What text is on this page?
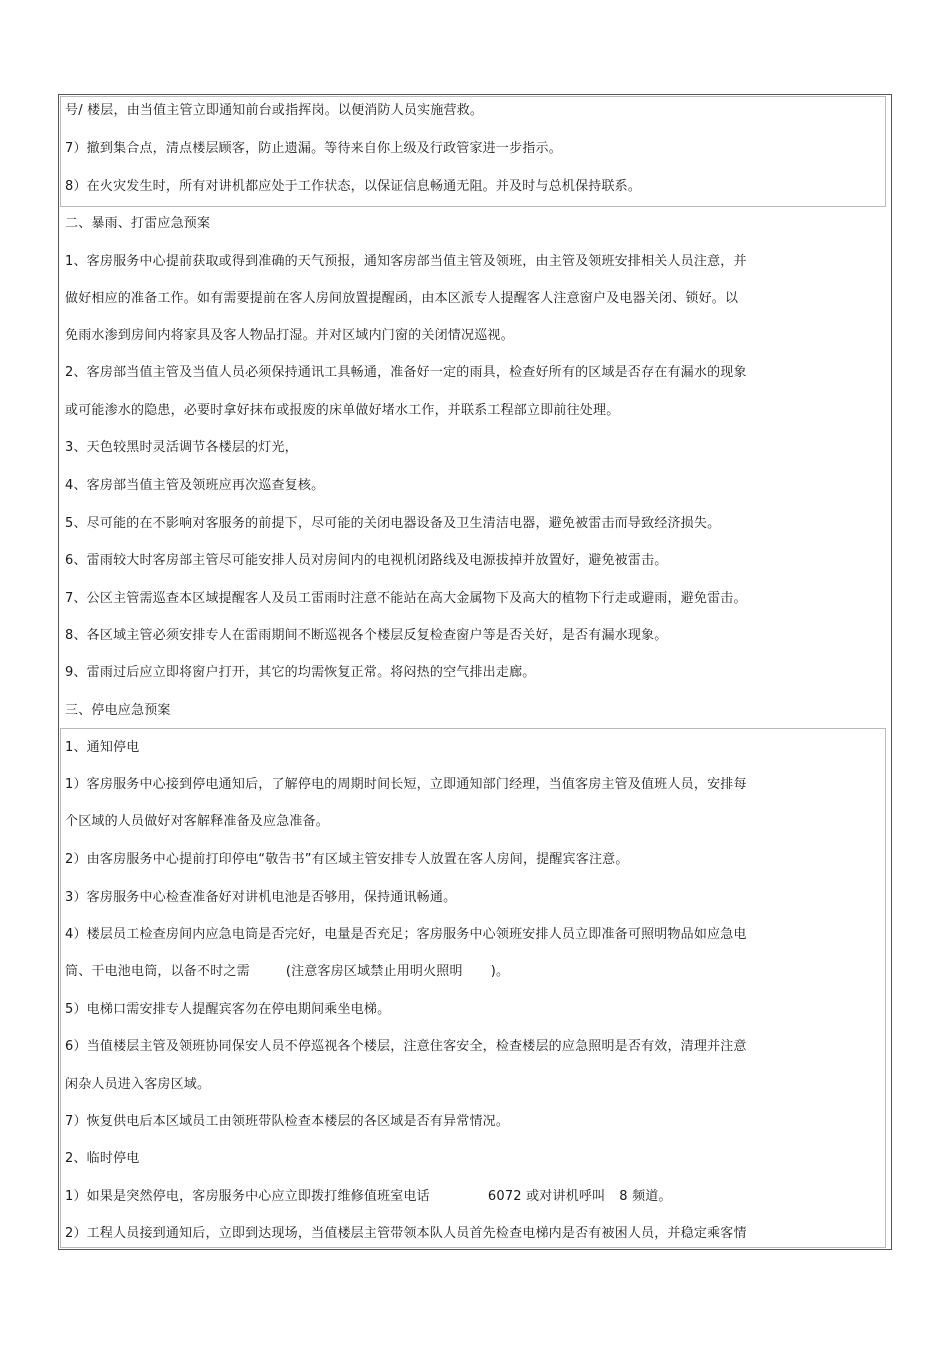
号/ 楼层，由当值主管立即通知前台或指挥岗。以便消防人员实施营救。
7）撤到集合点，清点楼层顾客，防止遗漏。等待来自你上级及行政管家进一步指示。
8）在火灾发生时，所有对讲机都应处于工作状态，以保证信息畅通无阻。并及时与总机保持联系。
二、暴雨、打雷应急预案
1、客房服务中心提前获取或得到准确的天气预报，通知客房部当值主管及领班，由主管及领班安排相关人员注意，并
做好相应的准备工作。如有需要提前在客人房间放置提醒函，由本区派专人提醒客人注意窗户及电器关闭、锁好。以
免雨水渗到房间内将家具及客人物品打湿。并对区域内门窗的关闭情况巡视。
2、客房部当值主管及当值人员必须保持通讯工具畅通，准备好一定的雨具，检查好所有的区域是否存在有漏水的现象
或可能渗水的隐患，必要时拿好抹布或报废的床单做好堵水工作，并联系工程部立即前往处理。
3、天色较黑时灵活调节各楼层的灯光，
4、客房部当值主管及领班应再次巡查复核。
5、尽可能的在不影响对客服务的前提下，尽可能的关闭电器设备及卫生清洁电器，避免被雷击而导致经济损失。
6、雷雨较大时客房部主管尽可能安排人员对房间内的电视机闭路线及电源拔掉并放置好，避免被雷击。
7、公区主管需巡查本区域提醒客人及员工雷雨时注意不能站在高大金属物下及高大的植物下行走或避雨，避免雷击。
8、各区域主管必须安排专人在雷雨期间不断巡视各个楼层反复检查窗户等是否关好，是否有漏水现象。
9、雷雨过后应立即将窗户打开，其它的均需恢复正常。将闷热的空气排出走廊。
三、停电应急预案
1、通知停电
1）客房服务中心接到停电通知后，了解停电的周期时间长短，立即通知部门经理，当值客房主管及值班人员，安排每
个区域的人员做好对客解释准备及应急准备。
2）由客房服务中心提前打印停电“敬告书”有区域主管安排专人放置在客人房间，提醒宾客注意。
3）客房服务中心检查准备好对讲机电池是否够用，保持通讯畅通。
4）楼层员工检查房间内应急电筒是否完好，电量是否充足；客房服务中心领班安排人员立即准备可照明物品如应急电
筒、干电池电筒，以备不时之需	(注意客房区域禁止用明火照明 )。
5）电梯口需安排专人提醒宾客勿在停电期间乘坐电梯。
6）当值楼层主管及领班协同保安人员不停巡视各个楼层，注意住客安全，检查楼层的应急照明是否有效，清理并注意
闲杂人员进入客房区域。
7）恢复供电后本区域员工由领班带队检查本楼层的各区域是否有异常情况。
2、临时停电
1）如果是突然停电，客房服务中心应立即拨打维修值班室电话	6072 或对讲机呼叫 8 频道。
2）工程人员接到通知后，立即到达现场，当值楼层主管带领本队人员首先检查电梯内是否有被困人员，并稳定乘客情
